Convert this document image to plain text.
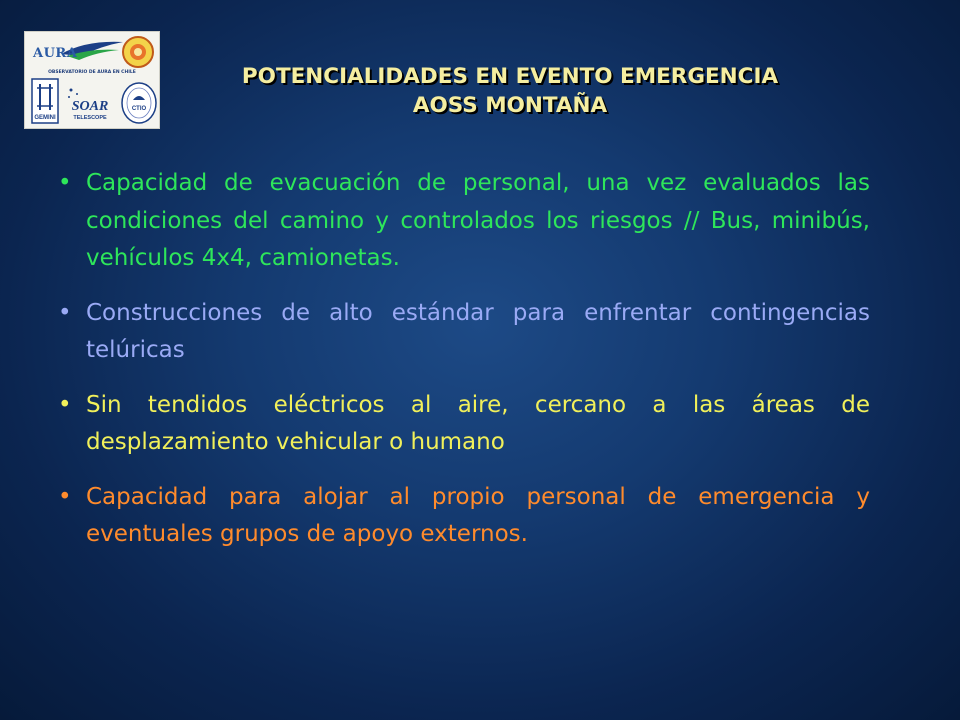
AURA
OBSERVATORIO DE AURA EN CHILE
GEMINI
SOAR
TELESCOPE
CTIO
POTENCIALIDADES EN EVENTO EMERGENCIA
AOSS MONTAÑA
• Capacidad de evacuación de personal, una vez evaluados las condiciones del camino y controlados los riesgos // Bus, minibús, vehículos 4x4, camionetas.
• Construcciones de alto estándar para enfrentar contingencias telúricas
• Sin tendidos eléctricos al aire, cercano a las áreas de desplazamiento vehicular o humano
• Capacidad para alojar al propio personal de emergencia y eventuales grupos de apoyo externos.
